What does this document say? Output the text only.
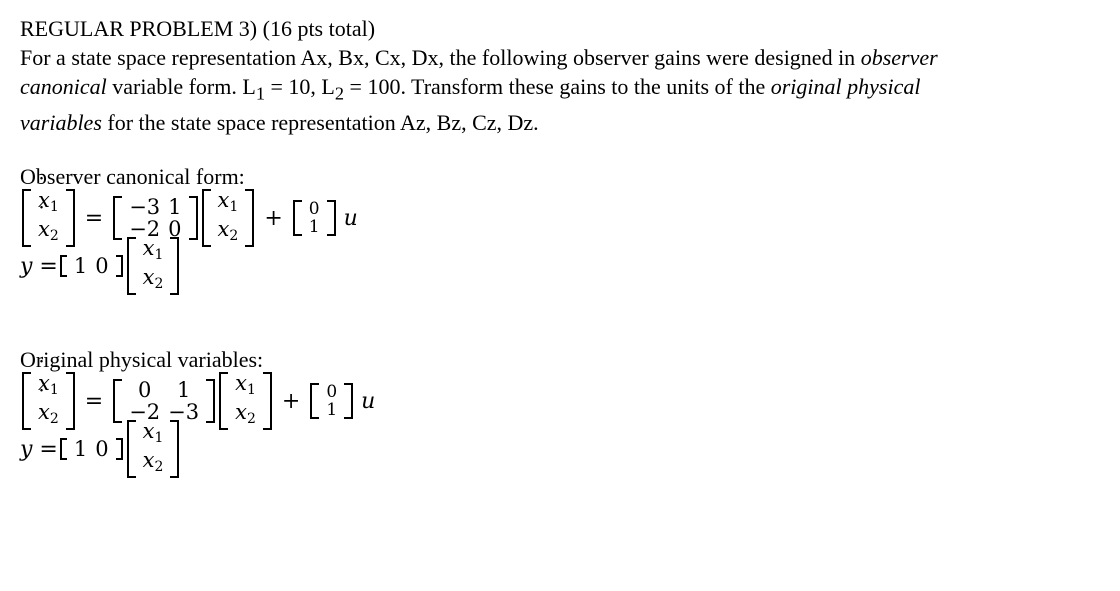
REGULAR PROBLEM 3) (16 pts total)
For a state space representation Ax, Bx, Cx, Dx, the following observer gains were designed in observer
canonical variable form. $L_1 = 10$, $L_2 = 100$. Transform these gains to the units of the original physical
variables for the state space representation Az, Bz, Cz, Dz.
Observer canonical form:
˙ $x_1$
˙ $x_2$
= −3 1
−2 0
$x_1$
$x_2$
+ 0
1 u
y = 1 0
$x_1$
$x_2$
Original physical variables:
˙ $x_1$
˙ $x_2$
=	0	1
−2 −3
$x_1$
$x_2$
+ 0
1 u
y = 1 0
$x_1$
$x_2$
